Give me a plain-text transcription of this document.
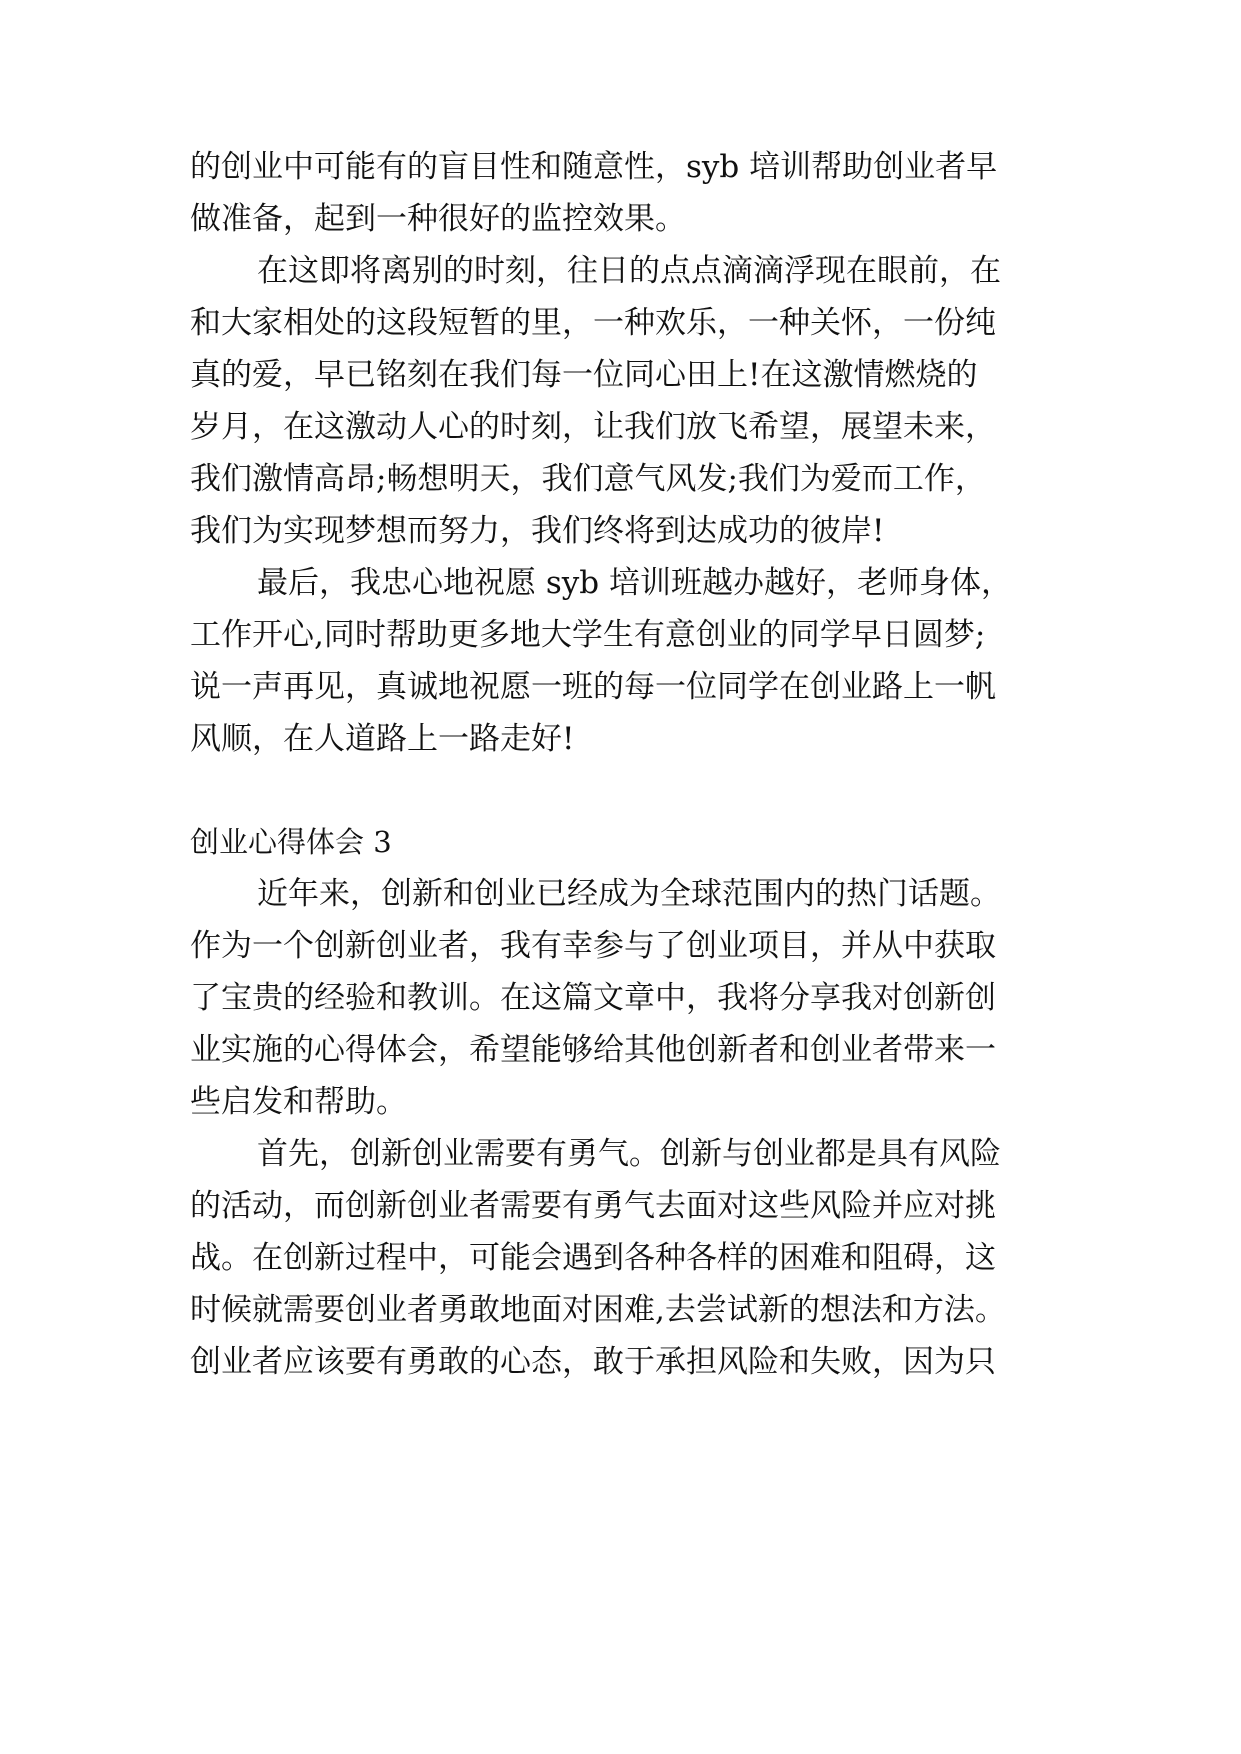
的创业中可能有的盲目性和随意性，syb 培训帮助创业者早

做准备，起到一种很好的监控效果。

在这即将离别的时刻，往日的点点滴滴浮现在眼前，在

和大家相处的这段短暂的里，一种欢乐，一种关怀，一份纯

真的爱，早已铭刻在我们每一位同心田上!在这激情燃烧的

岁月，在这激动人心的时刻，让我们放飞希望，展望未来，

我们激情高昂;畅想明天，我们意气风发;我们为爱而工作，

我们为实现梦想而努力，我们终将到达成功的彼岸!

最后，我忠心地祝愿 syb 培训班越办越好，老师身体，

工作开心,同时帮助更多地大学生有意创业的同学早日圆梦;

说一声再见，真诚地祝愿一班的每一位同学在创业路上一帆

风顺，在人道路上一路走好!

创业心得体会 3

近年来，创新和创业已经成为全球范围内的热门话题。

作为一个创新创业者，我有幸参与了创业项目，并从中获取

了宝贵的经验和教训。在这篇文章中，我将分享我对创新创

业实施的心得体会，希望能够给其他创新者和创业者带来一

些启发和帮助。

首先，创新创业需要有勇气。创新与创业都是具有风险

的活动，而创新创业者需要有勇气去面对这些风险并应对挑

战。在创新过程中，可能会遇到各种各样的困难和阻碍，这

时候就需要创业者勇敢地面对困难,去尝试新的想法和方法。

创业者应该要有勇敢的心态，敢于承担风险和失败，因为只
